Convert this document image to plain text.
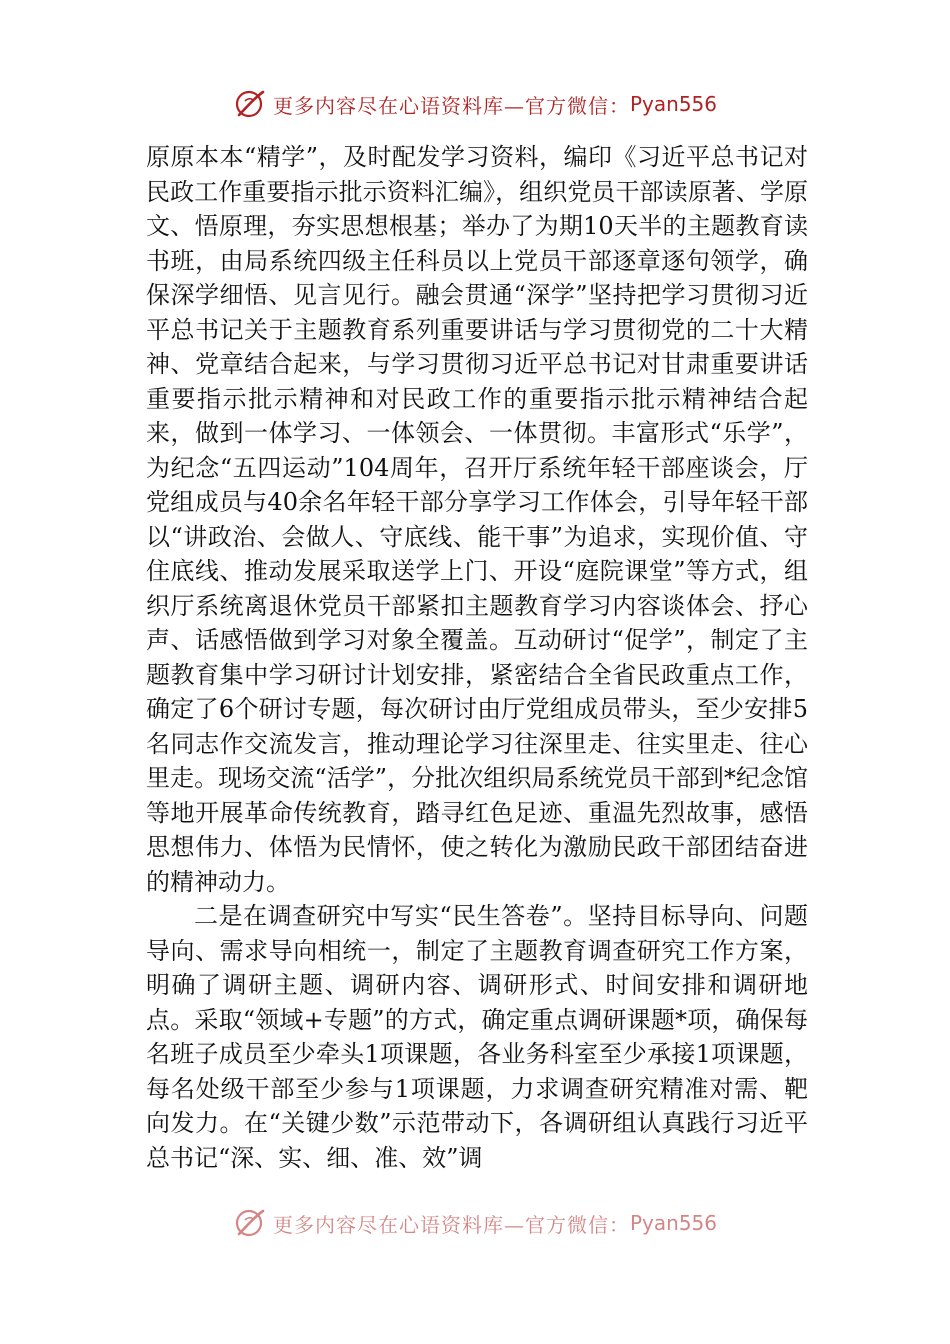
更多内容尽在心语资料库—官方微信： Pyan556

原原本本“精学”，及时配发学习资料，编印《习近平总书记对民政工作重要指示批示资料汇编》，组织党员干部读原著、学原文、悟原理，夯实思想根基；举办了为期10天半的主题教育读书班，由局系统四级主任科员以上党员干部逐章逐句领学，确保深学细悟、见言见行。融会贯通“深学”坚持把学习贯彻习近平总书记关于主题教育系列重要讲话与学习贯彻党的二十大精神、党章结合起来，与学习贯彻习近平总书记对甘肃重要讲话重要指示批示精神和对民政工作的重要指示批示精神结合起来，做到一体学习、一体领会、一体贯彻。丰富形式“乐学”，为纪念“五四运动”104周年，召开厅系统年轻干部座谈会，厅党组成员与40余名年轻干部分享学习工作体会，引导年轻干部以“讲政治、会做人、守底线、能干事”为追求，实现价值、守住底线、推动发展采取送学上门、开设“庭院课堂”等方式，组织厅系统离退休党员干部紧扣主题教育学习内容谈体会、抒心声、话感悟做到学习对象全覆盖。互动研讨“促学”，制定了主题教育集中学习研讨计划安排，紧密结合全省民政重点工作，确定了6个研讨专题，每次研讨由厅党组成员带头，至少安排5名同志作交流发言，推动理论学习往深里走、往实里走、往心里走。现场交流“活学”，分批次组织局系统党员干部到*纪念馆等地开展革命传统教育，踏寻红色足迹、重温先烈故事，感悟思想伟力、体悟为民情怀，使之转化为激励民政干部团结奋进的精神动力。

二是在调查研究中写实“民生答卷”。坚持目标导向、问题导向、需求导向相统一，制定了主题教育调查研究工作方案，明确了调研主题、调研内容、调研形式、时间安排和调研地点。采取“领域+专题”的方式，确定重点调研课题*项，确保每名班子成员至少牵头1项课题，各业务科室至少承接1项课题，每名处级干部至少参与1项课题，力求调查研究精准对需、靶向发力。在“关键少数”示范带动下，各调研组认真践行习近平总书记“深、实、细、准、效”调

更多内容尽在心语资料库—官方微信： Pyan556
